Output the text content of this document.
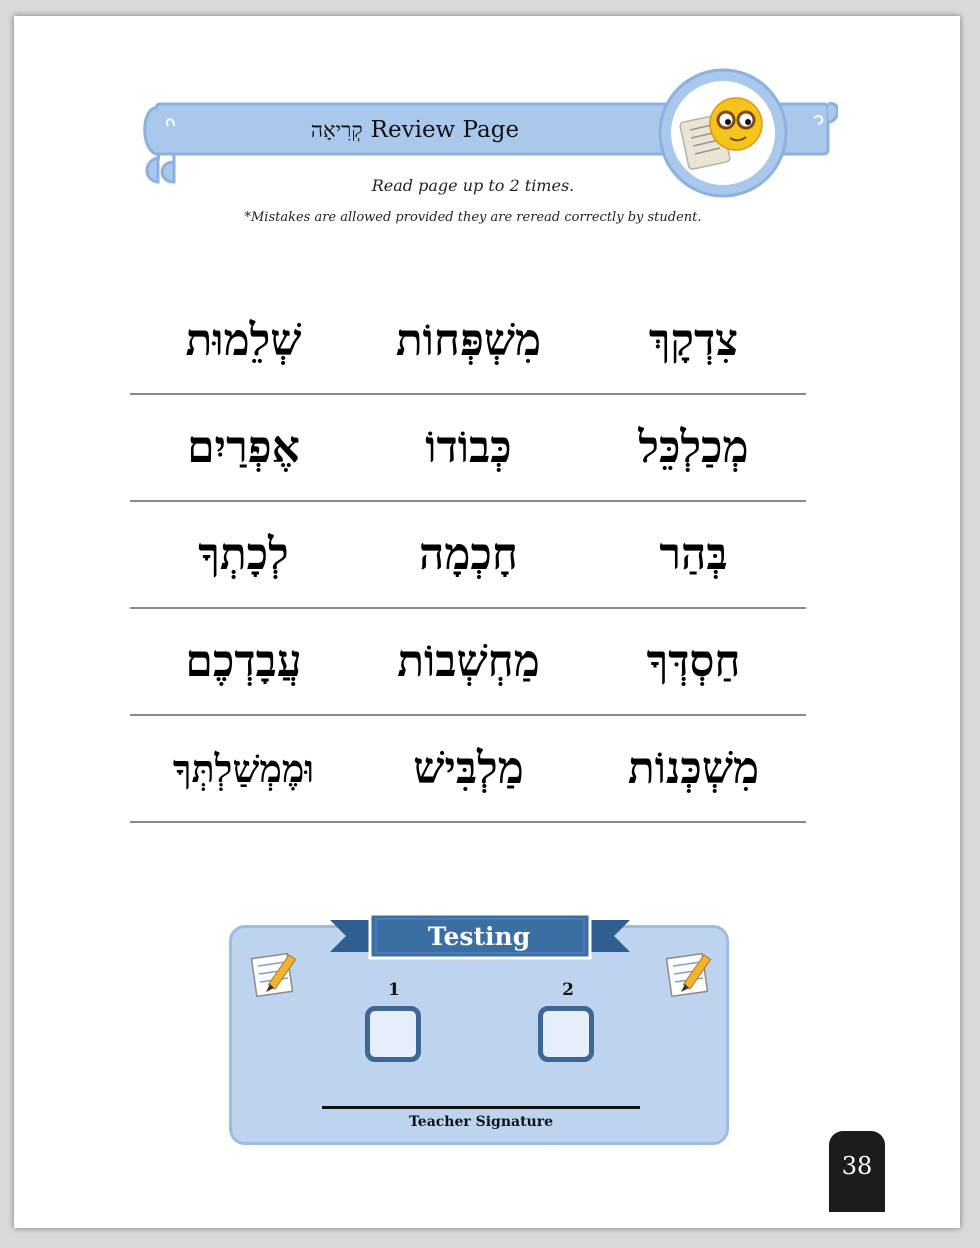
קְרִיאָה Review Page
Read page up to 2 times.
*Mistakes are allowed provided they are reread correctly by student.
צִדְקָךְ
מִשְׁפְּחוֹת
שְׁלֵמוּת
מְכַלְכֵּל
כְּבוֹדוֹ
אֶפְרַיִם
בְּהַר
חָכְמָה
לְכָתְךָ
חַסְדְּךָ
מַחְשְׁבוֹת
עֲבָדְכֶם
מִשְׁכְּנוֹת
מַלְבִּישׁ
וּמֶמְשַׁלְתְּךָ
Testing
1	2
Teacher Signature
38
